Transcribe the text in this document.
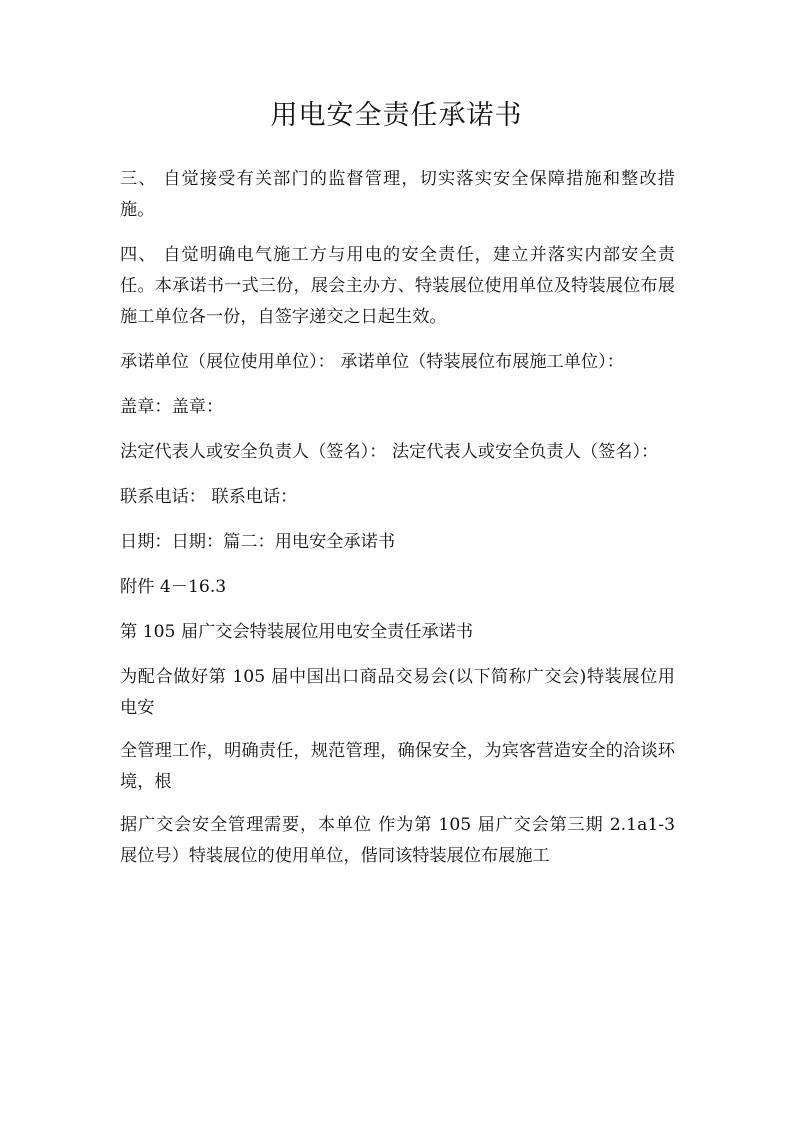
用电安全责任承诺书

三、 自觉接受有关部门的监督管理，切实落实安全保障措施和整改措施。

四、 自觉明确电气施工方与用电的安全责任，建立并落实内部安全责任。本承诺书一式三份，展会主办方、特装展位使用单位及特装展位布展施工单位各一份，自签字递交之日起生效。

承诺单位（展位使用单位）： 承诺单位（特装展位布展施工单位）：

盖章：盖章：

法定代表人或安全负责人（签名）： 法定代表人或安全负责人（签名）：

联系电话： 联系电话：

日期：日期：篇二：用电安全承诺书

附件 4－16.3

第 105 届广交会特装展位用电安全责任承诺书

为配合做好第 105 届中国出口商品交易会(以下简称广交会)特装展位用电安

全管理工作，明确责任，规范管理，确保安全，为宾客营造安全的洽谈环境，根

据广交会安全管理需要，本单位 作为第 105 届广交会第三期 2.1a1-3 展位号）特装展位的使用单位，偕同该特装展位布展施工
